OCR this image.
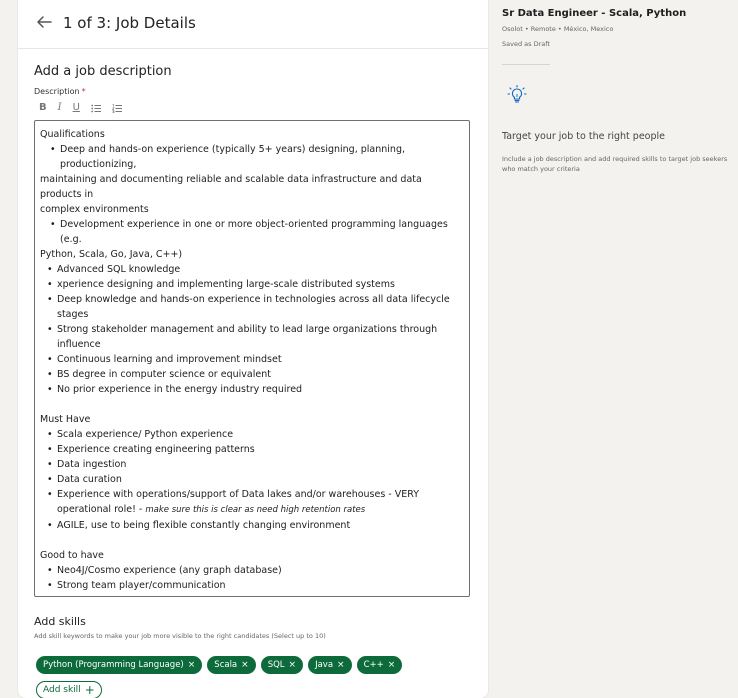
1 of 3: Job Details
Add a job description
Description *
B I U

Qualifications

• Deep and hands-on experience (typically 5+ years) designing, planning, productionizing,

maintaining and documenting reliable and scalable data infrastructure and data products in

complex environments

• Development experience in one or more object-oriented programming languages (e.g.

Python, Scala, Go, Java, C++)

• Advanced SQL knowledge
• xperience designing and implementing large-scale distributed systems
• Deep knowledge and hands-on experience in technologies across all data lifecycle stages
• Strong stakeholder management and ability to lead large organizations through influence
• Continuous learning and improvement mindset
• BS degree in computer science or equivalent
• No prior experience in the energy industry required

Must Have

• Scala experience/ Python experience
• Experience creating engineering patterns
• Data ingestion
• Data curation
• Experience with operations/support of Data lakes and/or warehouses - VERY operational role! - make sure this is clear as need high retention rates
• AGILE, use to being flexible constantly changing environment

Good to have

• Neo4J/Cosmo experience (any graph database)
• Strong team player/communication
Add skills
Add skill keywords to make your job more visible to the right candidates (Select up to 10)
Python (Programming Language) × Scala × SQL × Java × C++ ×
Add skill +
Sr Data Engineer - Scala, Python
Osolot • Remote • México, Mexico
Saved as Draft
Target your job to the right people
Include a job description and add required skills to target job seekers who match your criteria
